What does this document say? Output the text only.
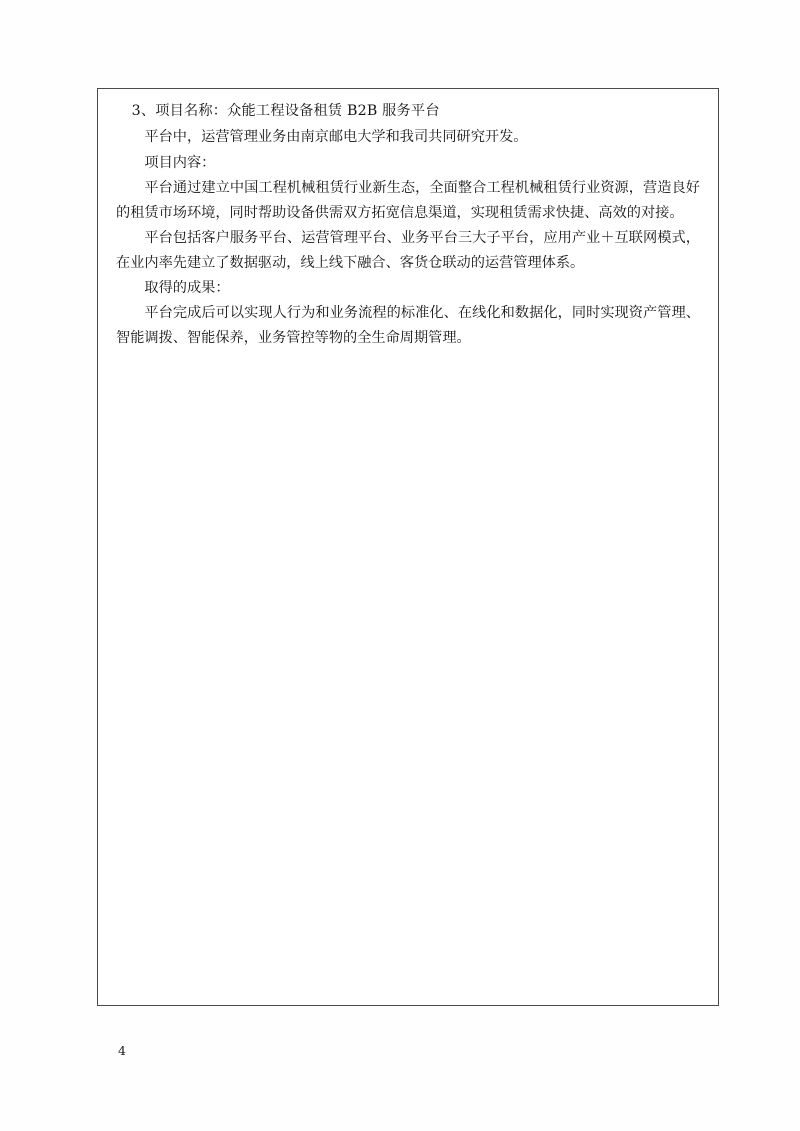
3、项目名称：众能工程设备租赁 B2B 服务平台

平台中，运营管理业务由南京邮电大学和我司共同研究开发。

项目内容：

平台通过建立中国工程机械租赁行业新生态，全面整合工程机械租赁行业资源，营造良好的租赁市场环境，同时帮助设备供需双方拓宽信息渠道，实现租赁需求快捷、高效的对接。

平台包括客户服务平台、运营管理平台、业务平台三大子平台，应用产业＋互联网模式，在业内率先建立了数据驱动，线上线下融合、客货仓联动的运营管理体系。

取得的成果：

平台完成后可以实现人行为和业务流程的标准化、在线化和数据化，同时实现资产管理、智能调拨、智能保养，业务管控等物的全生命周期管理。

4
